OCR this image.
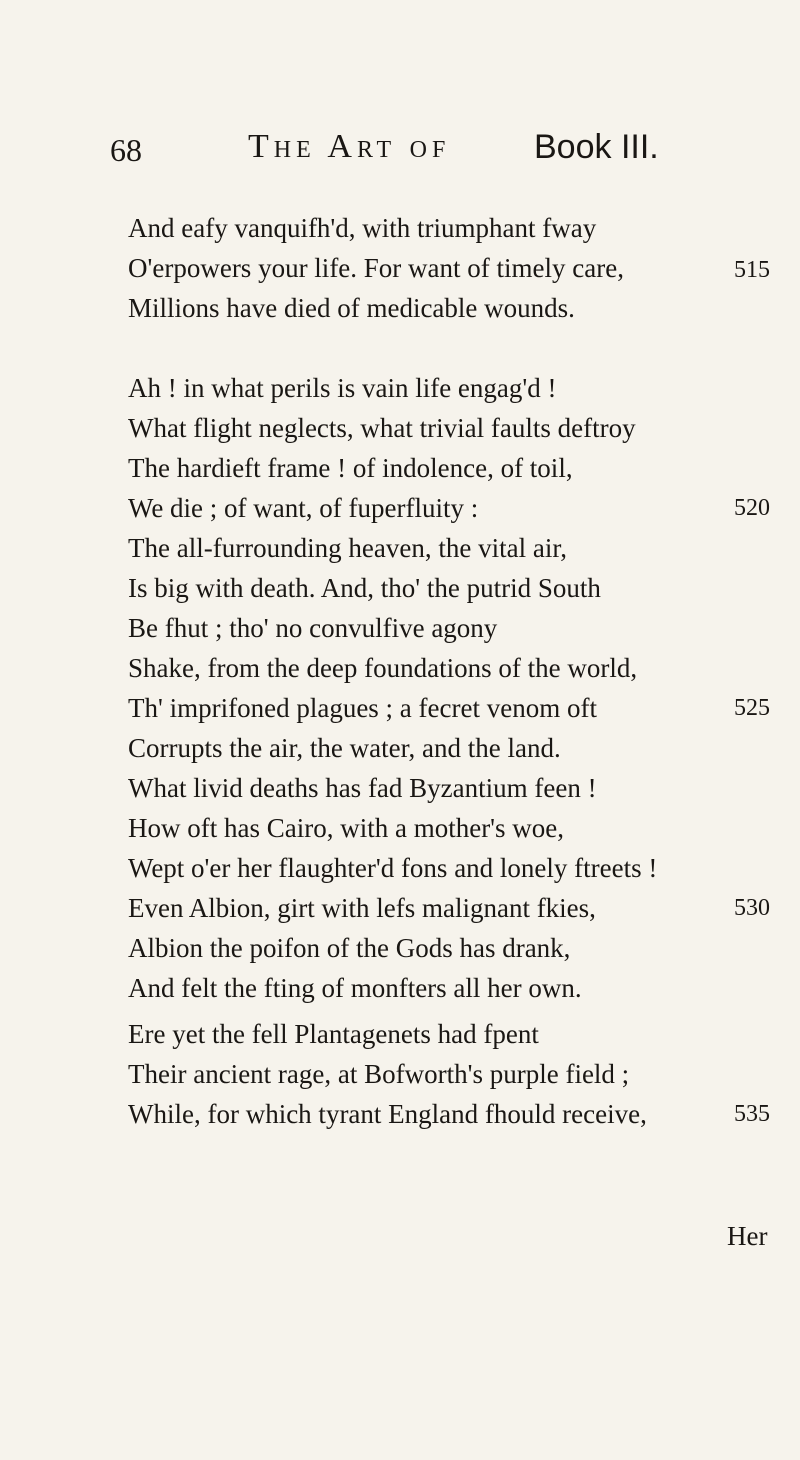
68	The Art of Book III.
And eafy vanquifh'd, with triumphant fway
O'erpowers your life. For want of timely care,
Millions have died of medicable wounds.
Ah ! in what perils is vain life engag'd !
What flight neglects, what trivial faults deftroy
The hardieft frame ! of indolence, of toil,
We die ; of want, of fuperfluity :
The all-furrounding heaven, the vital air,
Is big with death. And, tho' the putrid South
Be fhut ; tho' no convulfive agony
Shake, from the deep foundations of the world,
Th' imprifoned plagues ; a fecret venom oft
Corrupts the air, the water, and the land.
What livid deaths has fad Byzantium feen !
How oft has Cairo, with a mother's woe,
Wept o'er her flaughter'd fons and lonely ftreets !
Even Albion, girt with lefs malignant fkies,
Albion the poifon of the Gods has drank,
And felt the fting of monfters all her own.
Ere yet the fell Plantagenets had fpent
Their ancient rage, at Bofworth's purple field ;
While, for which tyrant England fhould receive,
515
520
525
530
535
Her
